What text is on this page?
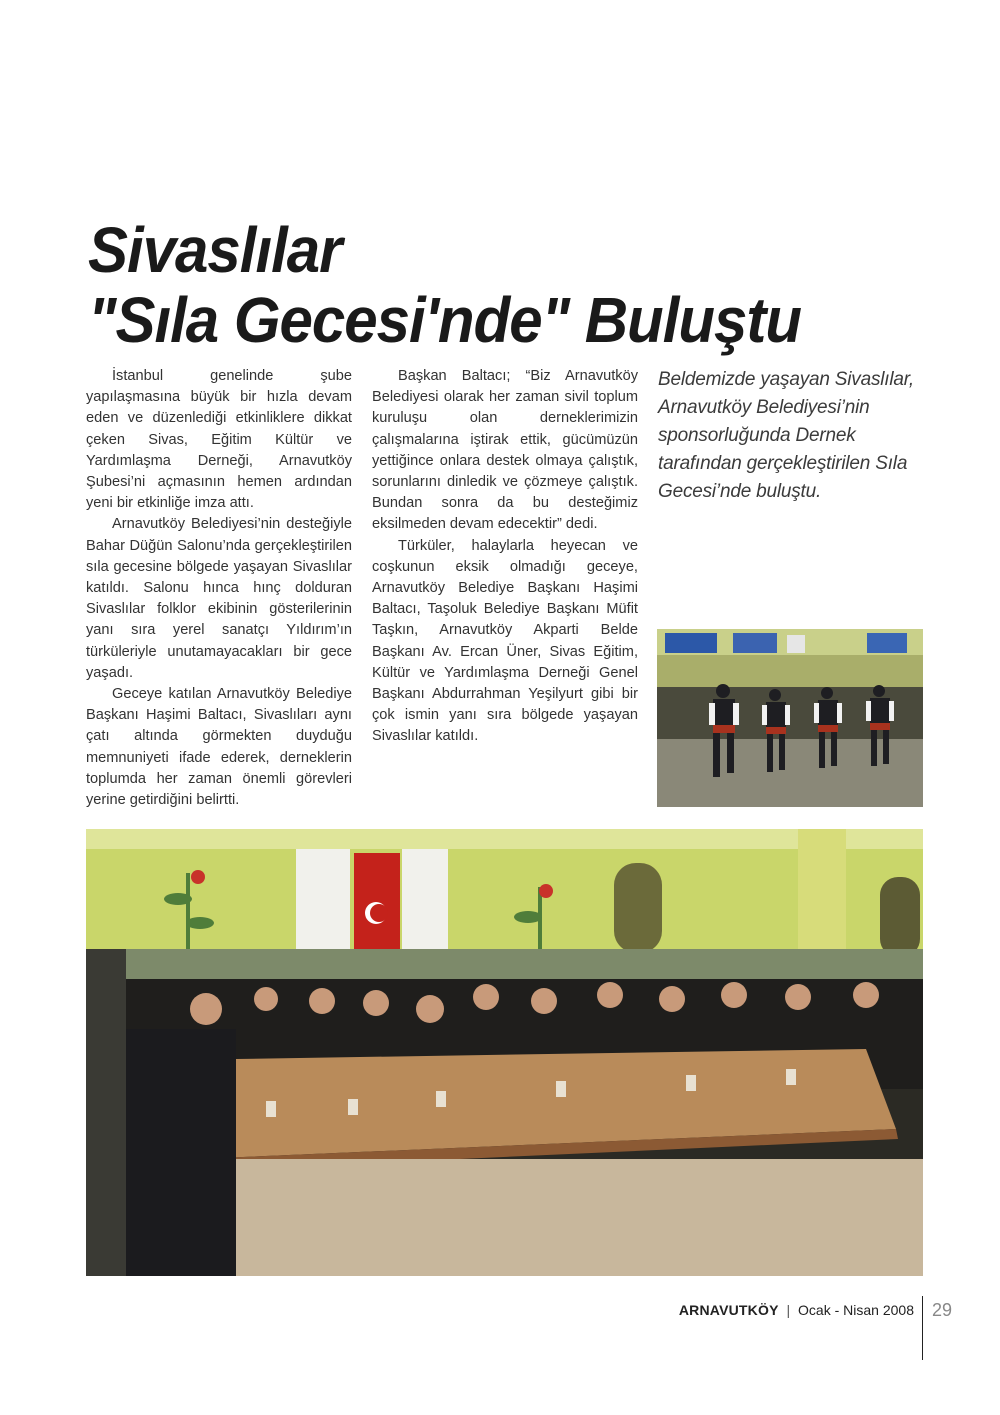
Sivaslılar
"Sıla Gecesi'nde" Buluştu

İstanbul genelinde şube yapılaşmasına büyük bir hızla devam eden ve düzenlediği etkinliklere dikkat çeken Sivas, Eğitim Kültür ve Yardımlaşma Derneği, Arnavutköy Şubesi’ni açmasının hemen ardından yeni bir etkinliğe imza attı.

Arnavutköy Belediyesi’nin desteğiyle Bahar Düğün Salonu’nda gerçekleştirilen sıla gecesine bölgede yaşayan Sivaslılar katıldı. Salonu hınca hınç dolduran Sivaslılar folklor ekibinin gösterilerinin yanı sıra yerel sanatçı Yıldırım’ın türküleriyle unutamayacakları bir gece yaşadı.

Geceye katılan Arnavutköy Belediye Başkanı Haşimi Baltacı, Sivaslıları aynı çatı altında görmekten duyduğu memnuniyeti ifade ederek, derneklerin toplumda her zaman önemli görevleri yerine getirdiğini belirtti.

Başkan Baltacı; “Biz Arnavutköy Belediyesi olarak her zaman sivil toplum kuruluşu olan derneklerimizin çalışmalarına iştirak ettik, gücümüzün yettiğince onlara destek olmaya çalıştık, sorunlarını dinledik ve çözmeye çalıştık. Bundan sonra da bu desteğimiz eksilmeden devam edecektir” dedi.

Türküler, halaylarla heyecan ve coşkunun eksik olmadığı geceye, Arnavutköy Belediye Başkanı Haşimi Baltacı, Taşoluk Belediye Başkanı Müfit Taşkın, Arnavutköy Akparti Belde Başkanı Av. Ercan Üner, Sivas Eğitim, Kültür ve Yardımlaşma Derneği Genel Başkanı Abdurrahman Yeşilyurt gibi bir çok ismin yanı sıra bölgede yaşayan Sivaslılar katıldı.

Beldemizde yaşayan Sivaslılar, Arnavutköy Belediyesi’nin sponsorluğunda Dernek tarafından gerçekleştirilen Sıla Gecesi’nde buluştu.

ARNAVUTKÖY | Ocak - Nisan 2008 29
